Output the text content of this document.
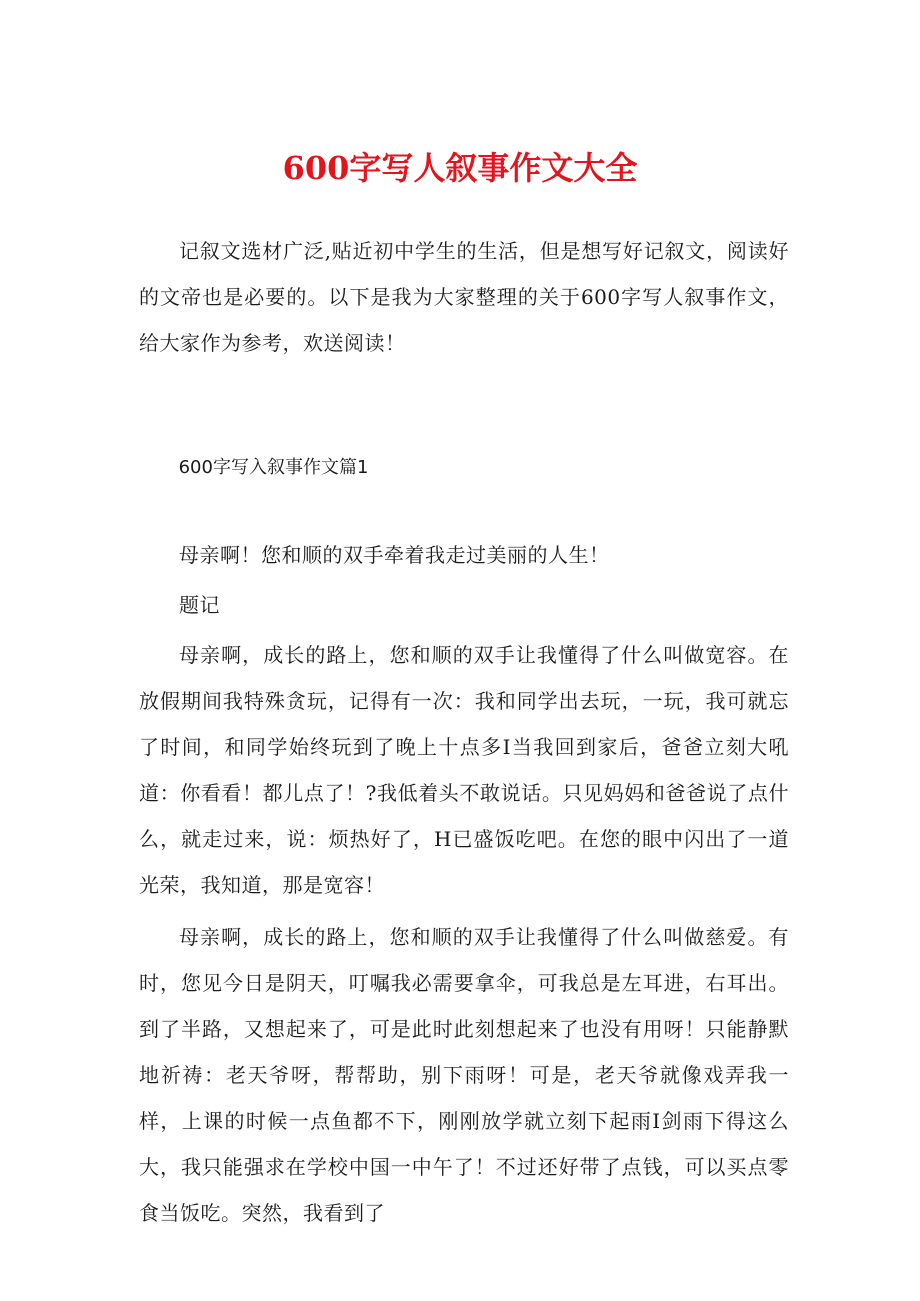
600字写人叙事作文大全

记叙文选材广泛,贴近初中学生的生活，但是想写好记叙文，阅读好的文帝也是必要的。以下是我为大家整理的关于600字写人叙事作文，给大家作为参考，欢送阅读！

600字写入叙事作文篇1

母亲啊！您和顺的双手牵着我走过美丽的人生！

题记

母亲啊，成长的路上，您和顺的双手让我懂得了什么叫做宽容。在放假期间我特殊贪玩，记得有一次：我和同学出去玩，一玩，我可就忘了时间，和同学始终玩到了晚上十点多I当我回到家后，爸爸立刻大吼道：你看看！都儿点了！?我低着头不敢说话。只见妈妈和爸爸说了点什么，就走过来，说：烦热好了，H已盛饭吃吧。在您的眼中闪出了一道光荣，我知道，那是宽容！

母亲啊，成长的路上，您和顺的双手让我懂得了什么叫做慈爱。有时，您见今日是阴天，叮嘱我必需要拿伞，可我总是左耳进，右耳出。到了半路，又想起来了，可是此时此刻想起来了也没有用呀！只能静默地祈祷：老天爷呀，帮帮助，别下雨呀！可是，老天爷就像戏弄我一样，上课的时候一点鱼都不下，刚刚放学就立刻下起雨I剑雨下得这么大，我只能强求在学校中国一中午了！不过还好带了点钱，可以买点零食当饭吃。突然，我看到了
